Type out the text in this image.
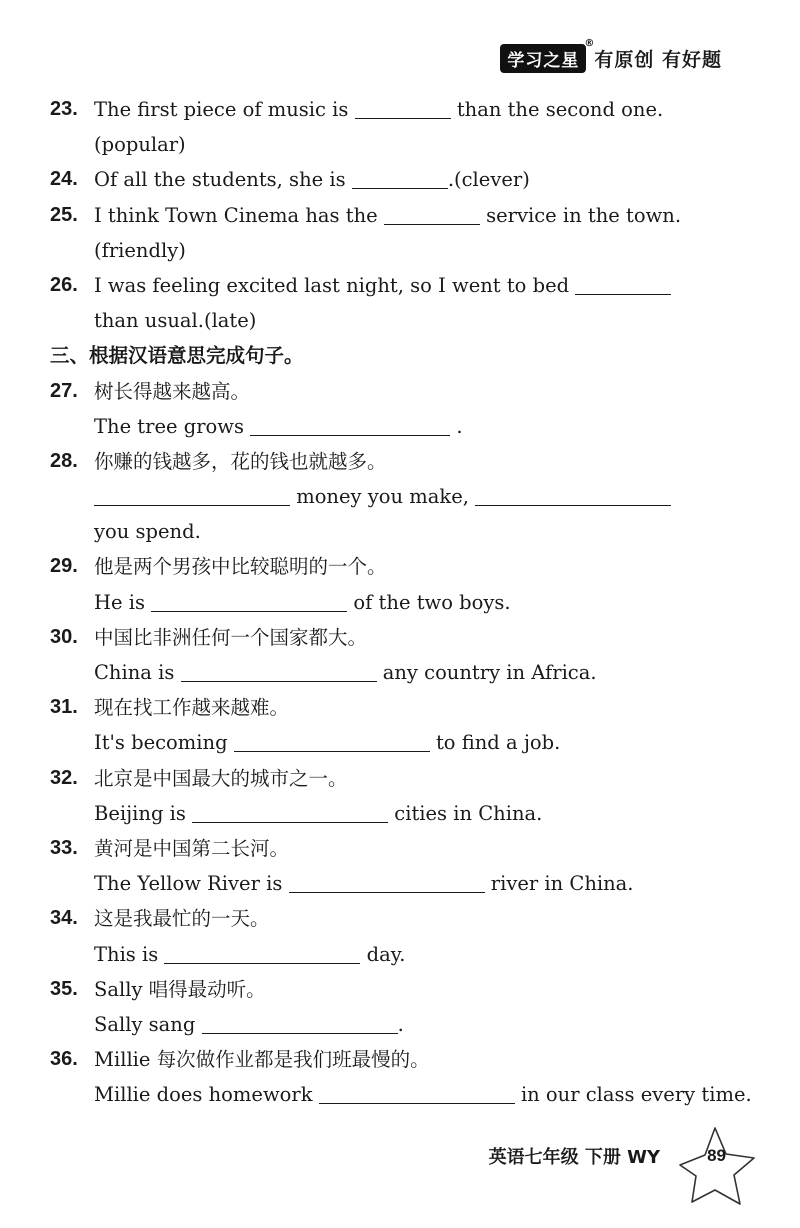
学习之星
®
有原创 有好题
23. The first piece of music is	than the second one.
(popular)
24. Of all the students, she is	.(clever)
25. I think Town Cinema has the	service in the town.
(friendly)
26. I was feeling excited last night, so I went to bed
than usual.(late)
三、根据汉语意思完成句子。
27. 树长得越来越高。
The tree grows	.
28. 你赚的钱越多，花的钱也就越多。
money you make,
you spend.
29. 他是两个男孩中比较聪明的一个。
He is	of the two boys.
30. 中国比非洲任何一个国家都大。
China is	any country in Africa.
31. 现在找工作越来越难。
It's becoming	to find a job.
32. 北京是中国最大的城市之一。
Beijing is	cities in China.
33. 黄河是中国第二长河。
The Yellow River is	river in China.
34. 这是我最忙的一天。
This is	day.
35. Sally 唱得最动听。
Sally sang	.
36. Millie 每次做作业都是我们班最慢的。
Millie does homework	in our class every time.
英语七年级 下册 WY	89
